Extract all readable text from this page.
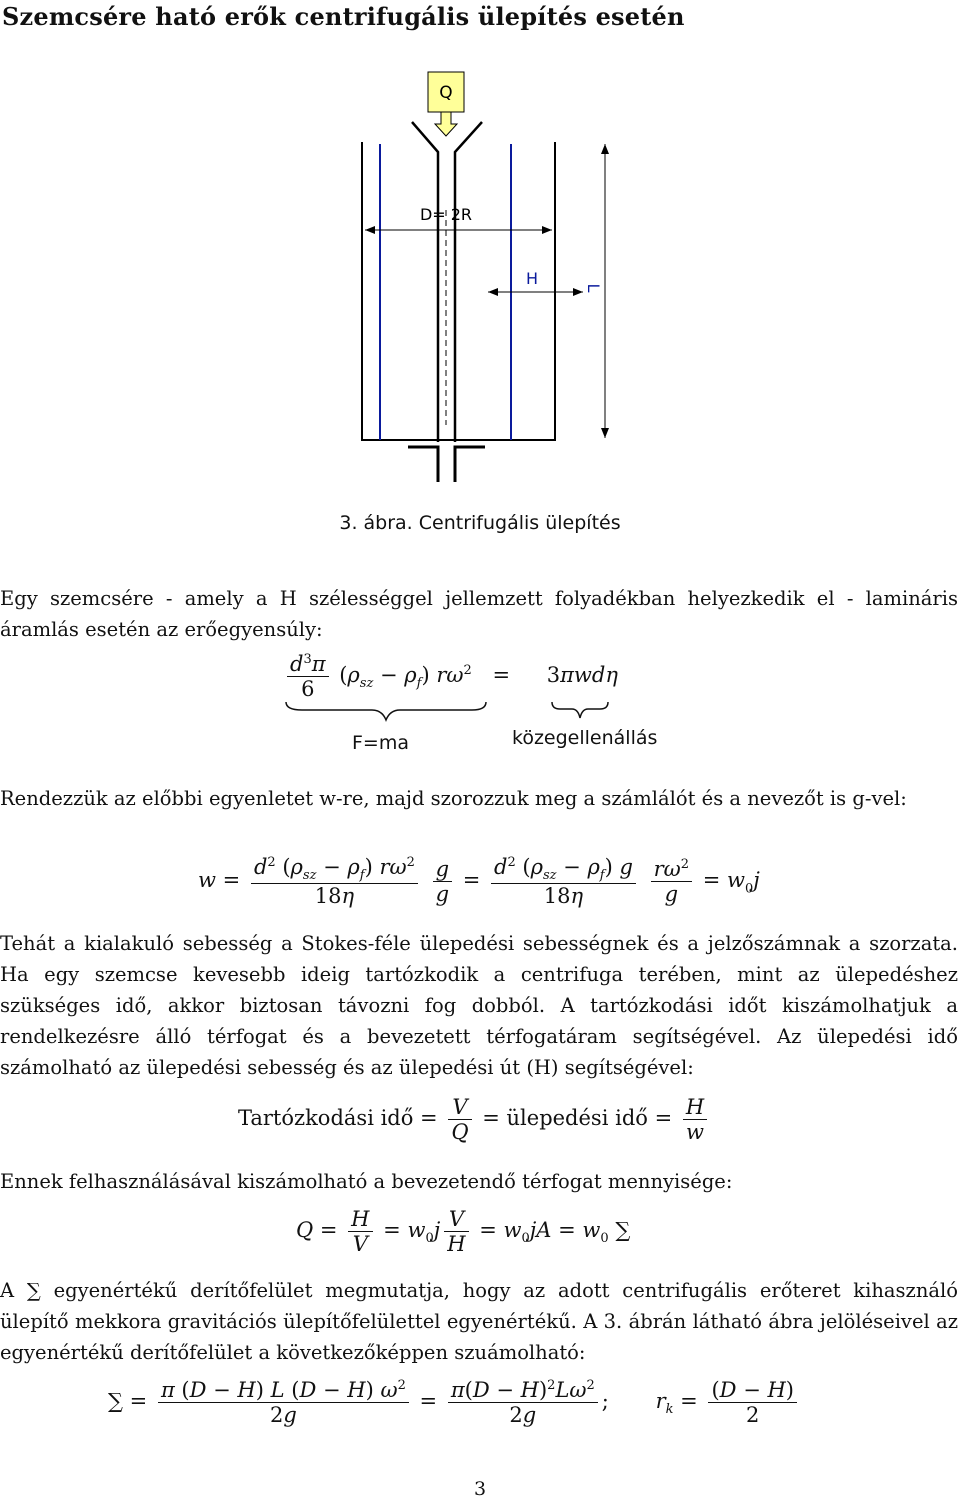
Szemcsére ható erők centrifugális ülepítés esetén
Q
D= 2R
H	L
3. ábra. Centrifugális ülepítés
Egy szemcsére - amely a H szélességgel jellemzett folyadékban helyezkedik el - lamináris áramlás esetén az erőegyensúly:
$\frac{d^3\pi}{6} (\rho_{sz} - \rho_f) r\omega^2 = 3\pi wd\eta$
F=ma	közegellenállás
Rendezzük az előbbi egyenletet w-re, majd szorozzuk meg a számlálót és a nevezőt is g-vel:
$w = \frac{d^2 (\rho_{sz} - \rho_f) r\omega^2}{18\eta}$
$\frac{g}{g} = \frac{d^2 (\rho_{sz} - \rho_f) g}{18\eta}$
$\frac{r\omega^2}{g} = w_0j$
Tehát a kialakuló sebesség a Stokes-féle ülepedési sebességnek és a jelzőszámnak a szorzata. Ha egy szemcse kevesebb ideig tartózkodik a centrifuga terében, mint az ülepedéshez szükséges idő, akkor biztosan távozni fog dobból. A tartózkodási időt kiszámolhatjuk a rendelkezésre álló térfogat és a bevezetett térfogatáram segítségével. Az ülepedési idő számolható az ülepedési sebesség és az ülepedési út (H) segítségével:
Tartózkodási idő = $\frac{V}{Q}$ = ülepedési idő = $\frac{H}{w}$
Ennek felhasználásával kiszámolható a bevezetendő térfogat mennyisége:
$Q = \frac{H}{V} = w_0j \frac{V}{H} = w_0jA = w_0$ ∑
A ∑ egyenértékű derítőfelület megmutatja, hogy az adott centrifugális erőteret kihasználó ülepítő mekkora gravitációs ülepítőfelülettel egyenértékű. A 3. ábrán látható ábra jelöléseivel az egyenértékű derítőfelület a következőképpen szuámolható:
∑ = $\frac{\pi (D - H) L (D - H) \omega^2}{2g} = \frac{\pi(D - H)^2L\omega^2}{2g}$ ; $r_k = \frac{(D - H)}{2}$
3
